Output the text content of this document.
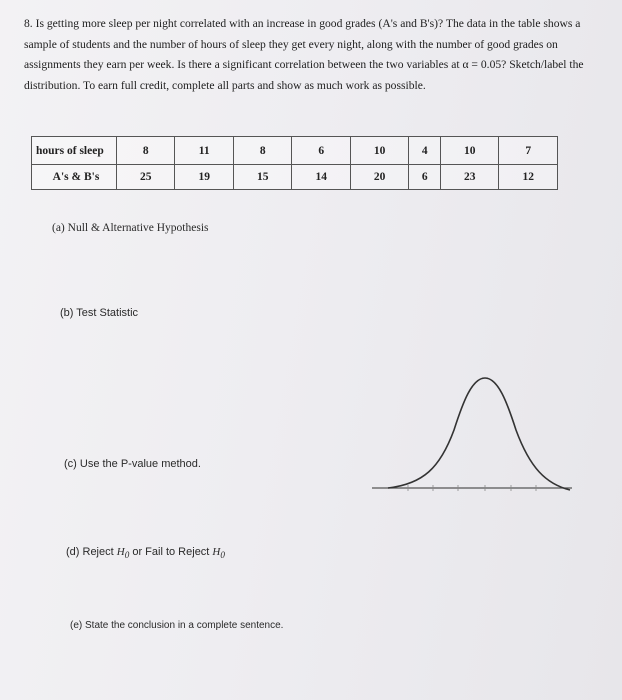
8. Is getting more sleep per night correlated with an increase in good grades (A's and B's)? The data in the table shows a sample of students and the number of hours of sleep they get every night, along with the number of good grades on assignments they earn per week. Is there a significant correlation between the two variables at α = 0.05? Sketch/label the distribution. To earn full credit, complete all parts and show as much work as possible.
hours of sleep	8	11	8	6	10	4	10	7
A's & B's	25	19	15	14	20	6	23	12
(a) Null & Alternative Hypothesis
(b) Test Statistic
(c) Use the P-value method.
(d) Reject $H_0$ or Fail to Reject $H_0$
(e) State the conclusion in a complete sentence.
